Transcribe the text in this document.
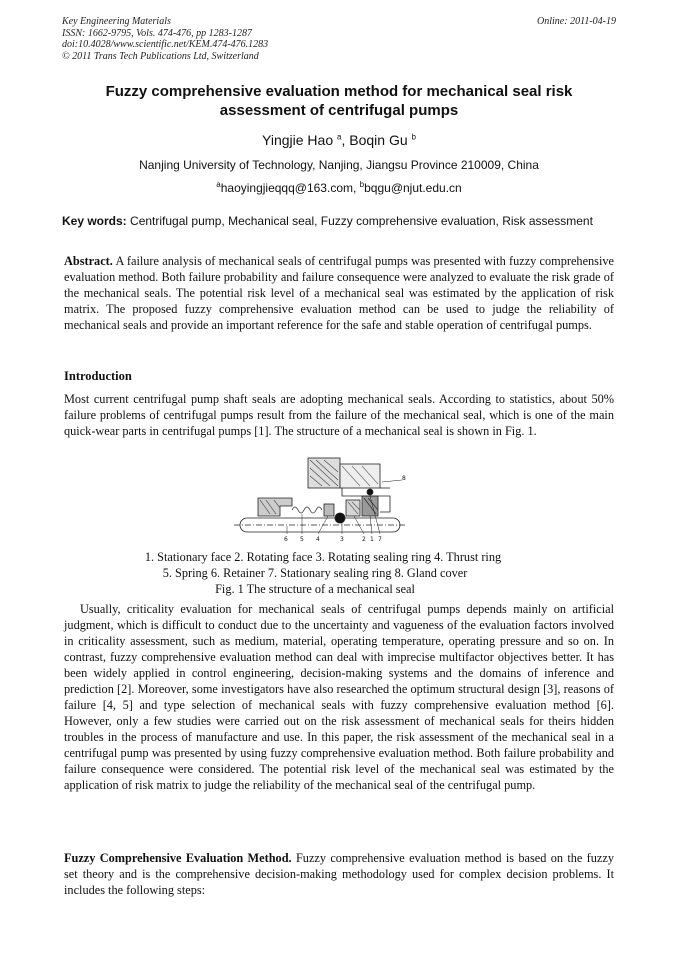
Key Engineering Materials
ISSN: 1662-9795, Vols. 474-476, pp 1283-1287
doi:10.4028/www.scientific.net/KEM.474-476.1283
© 2011 Trans Tech Publications Ltd, Switzerland
Online: 2011-04-19
Fuzzy comprehensive evaluation method for mechanical seal risk assessment of centrifugal pumps
Yingjie Hao $^a$, Boqin Gu $^b$
Nanjing University of Technology, Nanjing, Jiangsu Province 210009, China
$^a$haoyingjieqqq@163.com, $^b$bqgu@njut.edu.cn
Key words: Centrifugal pump, Mechanical seal, Fuzzy comprehensive evaluation, Risk assessment
Abstract. A failure analysis of mechanical seals of centrifugal pumps was presented with fuzzy comprehensive evaluation method. Both failure probability and failure consequence were analyzed to evaluate the risk grade of the mechanical seals. The potential risk level of a mechanical seal was estimated by the application of risk matrix. The proposed fuzzy comprehensive evaluation method can be used to judge the reliability of mechanical seals and provide an important reference for the safe and stable operation of centrifugal pumps.
Introduction
Most current centrifugal pump shaft seals are adopting mechanical seals. According to statistics, about 50% failure problems of centrifugal pumps result from the failure of the mechanical seal, which is one of the main quick-wear parts in centrifugal pumps [1]. The structure of a mechanical seal is shown in Fig. 1.
6 5 4	3	2 1 7
8
1. Stationary face 2. Rotating face 3. Rotating sealing ring 4. Thrust ring
5. Spring 6. Retainer 7. Stationary sealing ring 8. Gland cover
Fig. 1 The structure of a mechanical seal
Usually, criticality evaluation for mechanical seals of centrifugal pumps depends mainly on artificial judgment, which is difficult to conduct due to the uncertainty and vagueness of the evaluation factors involved in criticality assessment, such as medium, material, operating temperature, operating pressure and so on. In contrast, fuzzy comprehensive evaluation method can deal with imprecise multifactor objectives better. It has been widely applied in control engineering, decision-making systems and the domains of inference and prediction [2]. Moreover, some investigators have also researched the optimum structural design [3], reasons of failure [4, 5] and type selection of mechanical seals with fuzzy comprehensive evaluation method [6]. However, only a few studies were carried out on the risk assessment of mechanical seals for theirs hidden troubles in the process of manufacture and use. In this paper, the risk assessment of the mechanical seal in a centrifugal pump was presented by using fuzzy comprehensive evaluation method. Both failure probability and failure consequence were considered. The potential risk level of the mechanical seal was estimated by the application of risk matrix to judge the reliability of the mechanical seal of the centrifugal pump.
Fuzzy Comprehensive Evaluation Method. Fuzzy comprehensive evaluation method is based on the fuzzy set theory and is the comprehensive decision-making methodology used for complex decision problems. It includes the following steps:
